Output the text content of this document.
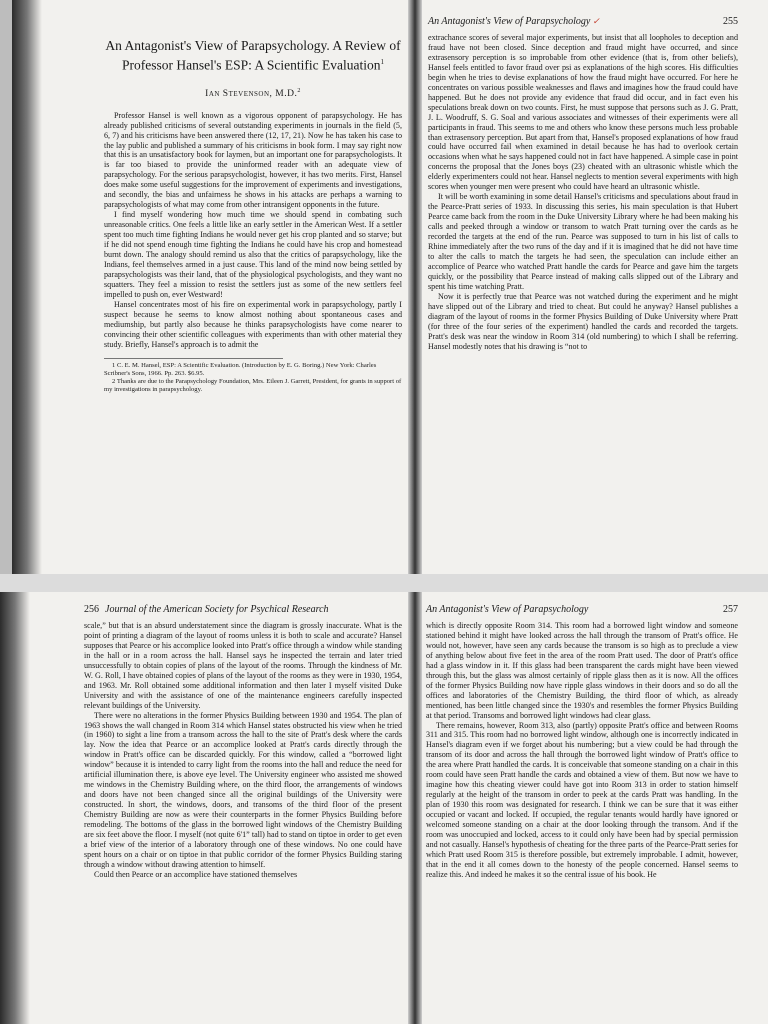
An Antagonist's View of Parapsychology. A Review of Professor Hansel's ESP: A Scientific Evaluation$^1$
Ian Stevenson, M.D.$^2$

Professor Hansel is well known as a vigorous opponent of parapsychology. He has already published criticisms of several outstanding experiments in journals in the field (5, 6, 7) and his criticisms have been answered there (12, 17, 21). Now he has taken his case to the lay public and published a summary of his criticisms in book form. I may say right now that this is an unsatisfactory book for laymen, but an important one for parapsychologists. It is far too biased to provide the uninformed reader with an adequate view of parapsychology. For the serious parapsychologist, however, it has two merits. First, Hansel does make some useful suggestions for the improvement of experiments and investigations, and secondly, the bias and unfairness he shows in his attacks are perhaps a warning to parapsychologists of what may come from other intransigent opponents in the future.

I find myself wondering how much time we should spend in combating such unreasonable critics. One feels a little like an early settler in the American West. If a settler spent too much time fighting Indians he would never get his crop planted and so starve; but if he did not spend enough time fighting the Indians he could have his crop and homestead burnt down. The analogy should remind us also that the critics of parapsychology, like the Indians, feel themselves armed in a just cause. This land of the mind now being settled by parapsychologists was their land, that of the physiological psychologists, and they want no squatters. They feel a mission to resist the settlers just as some of the new settlers feel impelled to push on, ever Westward!

Hansel concentrates most of his fire on experimental work in parapsychology, partly I suspect because he seems to know almost nothing about spontaneous cases and mediumship, but partly also because he thinks parapsychologists have come nearer to convincing their other scientific colleagues with experiments than with other material they study. Briefly, Hansel's approach is to admit the

1 C. E. M. Hansel, ESP: A Scientific Evaluation. (Introduction by E. G. Boring.) New York: Charles Scribner's Sons, 1966. Pp. 263. $6.95.

2 Thanks are due to the Parapsychology Foundation, Mrs. Eileen J. Garrett, President, for grants in support of my investigations in parapsychology.

An Antagonist's View of Parapsychology ✓	255

extrachance scores of several major experiments, but insist that all loopholes to deception and fraud have not been closed. Since deception and fraud might have occurred, and since extrasensory perception is so improbable from other evidence (that is, from other beliefs), Hansel feels entitled to favor fraud over psi as explanations of the high scores. His difficulties begin when he tries to devise explanations of how the fraud might have occurred. For here he concentrates on various possible weaknesses and flaws and imagines how the fraud could have happened. But he does not provide any evidence that fraud did occur, and in fact even his speculations break down on two counts. First, he must suppose that persons such as J. G. Pratt, J. L. Woodruff, S. G. Soal and various associates and witnesses of their experiments were all participants in fraud. This seems to me and others who know these persons much less probable than extrasensory perception. But apart from that, Hansel's proposed explanations of how fraud could have occurred fail when examined in detail because he has had to overlook certain occasions when what he says happened could not in fact have happened. A simple case in point concerns the proposal that the Jones boys (23) cheated with an ultrasonic whistle which the elderly experimenters could not hear. Hansel neglects to mention several experiments with high scores when younger men were present who could have heard an ultrasonic whistle.

It will be worth examining in some detail Hansel's criticisms and speculations about fraud in the Pearce-Pratt series of 1933. In discussing this series, his main speculation is that Hubert Pearce came back from the room in the Duke University Library where he had been making his calls and peeked through a window or transom to watch Pratt turning over the cards as he recorded the targets at the end of the run. Pearce was supposed to turn in his list of calls to Rhine immediately after the two runs of the day and if it is imagined that he did not have time to alter the calls to match the targets he had seen, the speculation can include either an accomplice of Pearce who watched Pratt handle the cards for Pearce and gave him the targets quickly, or the possibility that Pearce instead of making calls slipped out of the Library and spent his time watching Pratt.

Now it is perfectly true that Pearce was not watched during the experiment and he might have slipped out of the Library and tried to cheat. But could he anyway? Hansel publishes a diagram of the layout of rooms in the former Physics Building of Duke University where Pratt (for three of the four series of the experiment) handled the cards and recorded the targets. Pratt's desk was near the window in Room 314 (old numbering) to which I shall be referring. Hansel modestly notes that his drawing is “not to

256 Journal of the American Society for Psychical Research

scale,” but that is an absurd understatement since the diagram is grossly inaccurate. What is the point of printing a diagram of the layout of rooms unless it is both to scale and accurate? Hansel supposes that Pearce or his accomplice looked into Pratt's office through a window while standing in the hall or in a room across the hall. Hansel says he inspected the terrain and later tried unsuccessfully to obtain copies of plans of the layout of the rooms. Through the kindness of Mr. W. G. Roll, I have obtained copies of plans of the layout of the rooms as they were in 1930, 1954, and 1963. Mr. Roll obtained some additional information and then later I myself visited Duke University and with the assistance of one of the maintenance engineers carefully inspected relevant buildings of the University.

There were no alterations in the former Physics Building between 1930 and 1954. The plan of 1963 shows the wall changed in Room 314 which Hansel states obstructed his view when he tried (in 1960) to sight a line from a transom across the hall to the site of Pratt's desk where the cards lay. Now the idea that Pearce or an accomplice looked at Pratt's cards directly through the window in Pratt's office can be discarded quickly. For this window, called a “borrowed light window” because it is intended to carry light from the rooms into the hall and reduce the need for artificial illumination there, is above eye level. The University engineer who assisted me showed me windows in the Chemistry Building where, on the third floor, the arrangements of windows and doors have not been changed since all the original buildings of the University were constructed. In short, the windows, doors, and transoms of the third floor of the present Chemistry Building are now as were their counterparts in the former Physics Building before remodeling. The bottoms of the glass in the borrowed light windows of the Chemistry Building are six feet above the floor. I myself (not quite 6'1” tall) had to stand on tiptoe in order to get even a brief view of the interior of a laboratory through one of these windows. No one could have spent hours on a chair or on tiptoe in that public corridor of the former Physics Building staring through a window without drawing attention to himself.

Could then Pearce or an accomplice have stationed themselves

An Antagonist's View of Parapsychology	257

which is directly opposite Room 314. This room had a borrowed light window and someone stationed behind it might have looked across the hall through the transom of Pratt's office. He would not, however, have seen any cards because the transom is so high as to preclude a view of anything below about five feet in the area of the room Pratt used. The door of Pratt's office had a glass window in it. If this glass had been transparent the cards might have been viewed through this, but the glass was almost certainly of ripple glass then as it is now. All the offices of the former Physics Building now have ripple glass windows in their doors and so do all the offices and laboratories of the Chemistry Building, the third floor of which, as already mentioned, has been little changed since the 1930's and resembles the former Physics Building at that period. Transoms and borrowed light windows had clear glass.

There remains, however, Room 313, also (partly) opposite Pratt's office and between Rooms 311 and 315. This room had no borrowed light window, although one is incorrectly indicated in Hansel's diagram even if we forget about his numbering; but a view could be had through the transom of its door and across the hall through the borrowed light window of Pratt's office to the area where Pratt handled the cards. It is conceivable that someone standing on a chair in this room could have seen Pratt handle the cards and obtained a view of them. But now we have to imagine how this cheating viewer could have got into Room 313 in order to station himself regularly at the height of the transom in order to peek at the cards Pratt was handling. In the plan of 1930 this room was designated for research. I think we can be sure that it was either occupied or vacant and locked. If occupied, the regular tenants would hardly have ignored or welcomed someone standing on a chair at the door looking through the transom. And if the room was unoccupied and locked, access to it could only have been had by special permission and not casually. Hansel's hypothesis of cheating for the three parts of the Pearce-Pratt series for which Pratt used Room 315 is therefore possible, but extremely improbable. I admit, however, that in the end it all comes down to the honesty of the people concerned. Hansel seems to realize this. And indeed he makes it so the central issue of his book. He
